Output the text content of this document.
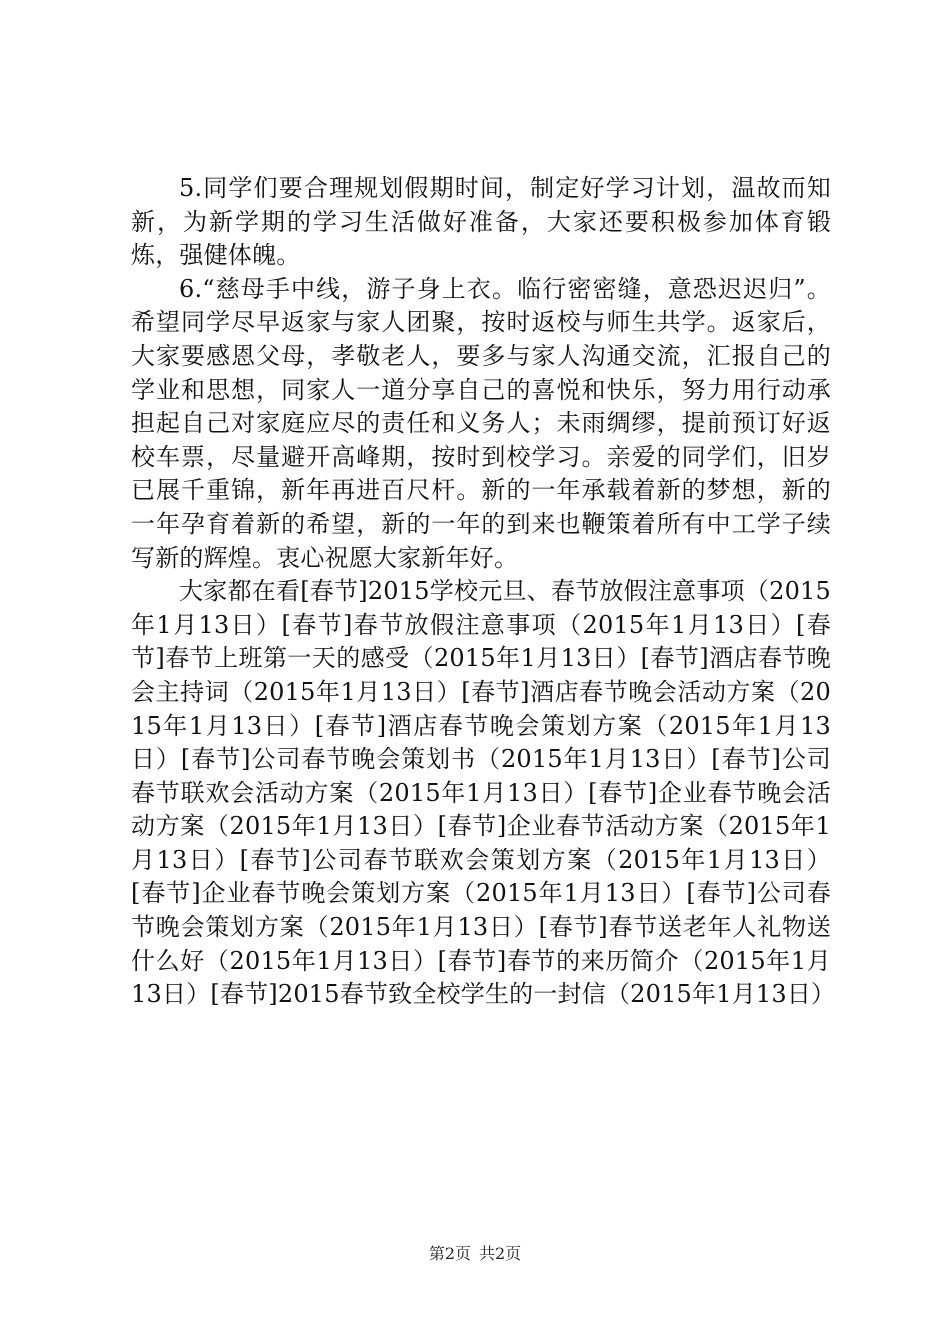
5.同学们要合理规划假期时间，制定好学习计划，温故而知新，为新学期的学习生活做好准备，大家还要积极参加体育锻炼，强健体魄。

6.“慈母手中线，游子身上衣。临行密密缝，意恐迟迟归”。希望同学尽早返家与家人团聚，按时返校与师生共学。返家后，大家要感恩父母，孝敬老人，要多与家人沟通交流，汇报自己的学业和思想，同家人一道分享自己的喜悦和快乐，努力用行动承担起自己对家庭应尽的责任和义务人；未雨绸缪，提前预订好返校车票，尽量避开高峰期，按时到校学习。亲爱的同学们，旧岁已展千重锦，新年再进百尺杆。新的一年承载着新的梦想，新的一年孕育着新的希望，新的一年的到来也鞭策着所有中工学子续写新的辉煌。衷心祝愿大家新年好。

大家都在看[春节]2015学校元旦、春节放假注意事项（2015年1月13日）[春节]春节放假注意事项（2015年1月13日）[春节]春节上班第一天的感受（2015年1月13日）[春节]酒店春节晚会主持词（2015年1月13日）[春节]酒店春节晚会活动方案（2015年1月13日）[春节]酒店春节晚会策划方案（2015年1月13日）[春节]公司春节晚会策划书（2015年1月13日）[春节]公司春节联欢会活动方案（2015年1月13日）[春节]企业春节晚会活动方案（2015年1月13日）[春节]企业春节活动方案（2015年1月13日）[春节]公司春节联欢会策划方案（2015年1月13日）[春节]企业春节晚会策划方案（2015年1月13日）[春节]公司春节晚会策划方案（2015年1月13日）[春节]春节送老年人礼物送什么好（2015年1月13日）[春节]春节的来历简介（2015年1月13日）[春节]2015春节致全校学生的一封信（2015年1月13日）

第2页 共2页
